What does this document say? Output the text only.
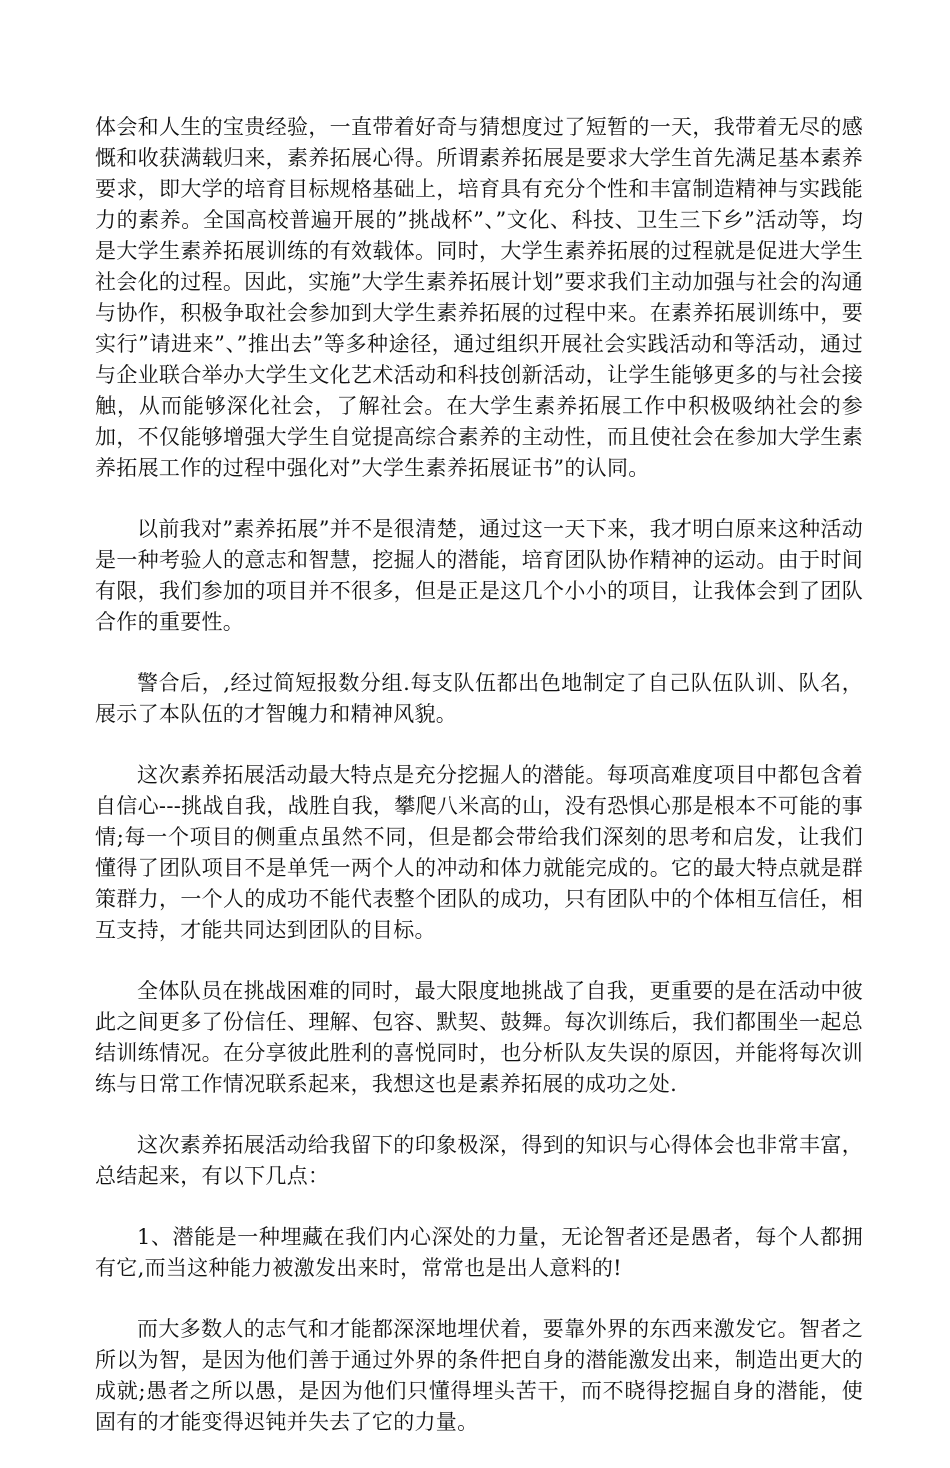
体会和人生的宝贵经验，一直带着好奇与猜想度过了短暂的一天，我带着无尽的感慨和收获满载归来，素养拓展心得。所谓素养拓展是要求大学生首先满足基本素养要求，即大学的培育目标规格基础上，培育具有充分个性和丰富制造精神与实践能力的素养。全国高校普遍开展的”挑战杯”、”文化、科技、卫生三下乡”活动等，均是大学生素养拓展训练的有效载体。同时，大学生素养拓展的过程就是促进大学生社会化的过程。因此，实施”大学生素养拓展计划”要求我们主动加强与社会的沟通与协作，积极争取社会参加到大学生素养拓展的过程中来。在素养拓展训练中，要实行”请进来”、”推出去”等多种途径，通过组织开展社会实践活动和等活动，通过与企业联合举办大学生文化艺术活动和科技创新活动，让学生能够更多的与社会接触，从而能够深化社会，了解社会。在大学生素养拓展工作中积极吸纳社会的参加，不仅能够增强大学生自觉提高综合素养的主动性，而且使社会在参加大学生素养拓展工作的过程中强化对”大学生素养拓展证书”的认同。

以前我对”素养拓展”并不是很清楚，通过这一天下来，我才明白原来这种活动是一种考验人的意志和智慧，挖掘人的潜能，培育团队协作精神的运动。由于时间有限，我们参加的项目并不很多，但是正是这几个小小的项目，让我体会到了团队合作的重要性。

警合后，,经过简短报数分组.每支队伍都出色地制定了自己队伍队训、队名，展示了本队伍的才智魄力和精神风貌。

这次素养拓展活动最大特点是充分挖掘人的潜能。每项高难度项目中都包含着自信心---挑战自我，战胜自我，攀爬八米高的山，没有恐惧心那是根本不可能的事情;每一个项目的侧重点虽然不同，但是都会带给我们深刻的思考和启发，让我们懂得了团队项目不是单凭一两个人的冲动和体力就能完成的。它的最大特点就是群策群力，一个人的成功不能代表整个团队的成功，只有团队中的个体相互信任，相互支持，才能共同达到团队的目标。

全体队员在挑战困难的同时，最大限度地挑战了自我，更重要的是在活动中彼此之间更多了份信任、理解、包容、默契、鼓舞。每次训练后，我们都围坐一起总结训练情况。在分享彼此胜利的喜悦同时，也分析队友失误的原因，并能将每次训练与日常工作情况联系起来，我想这也是素养拓展的成功之处.

这次素养拓展活动给我留下的印象极深，得到的知识与心得体会也非常丰富，总结起来，有以下几点：

1、潜能是一种埋藏在我们内心深处的力量，无论智者还是愚者，每个人都拥有它,而当这种能力被激发出来时，常常也是出人意料的!

而大多数人的志气和才能都深深地埋伏着，要靠外界的东西来激发它。智者之所以为智，是因为他们善于通过外界的条件把自身的潜能激发出来，制造出更大的成就;愚者之所以愚，是因为他们只懂得埋头苦干，而不晓得挖掘自身的潜能，使固有的才能变得迟钝并失去了它的力量。
